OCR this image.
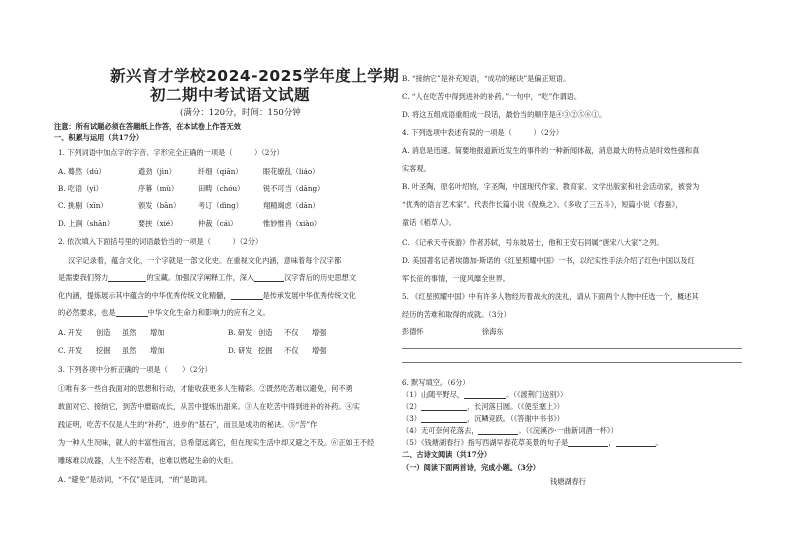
新兴育才学校2024-2025学年度上学期
初二期中考试语文试题
(满分：120分，时间：150分钟
注意：所有试题必须在答题纸上作答，在本试卷上作答无效
一、积累与运用（共17分）
1. 下列词语中加点字的字音、字形完全正确的一项是（　　　）（2分）
A. 蓦然（dú）	遒劲（jìn）	纤细（qiān）	眼花缭乱（liáo）
B. 吃语（yì）	序幕（mù）	田畴（chóu）	锐不可当（dāng）
C. 挑剔（xīn）	颁发（bān） 考订（dìng）	翔精竭虑（dān）
D. 上涧（shān）	要挟（xié）	仲裁（cái）	惟妙惟肖（xiào）
2. 依次填入下面括号里的词语最恰当的一项是（　　　）（2分）
汉字记录着，蕴含文化，一个字就是一部文化史。在重视文化内涵，意味着每个汉字都
是需要我们努力	的宝藏。加强汉字阐释工作，深入	汉字背后的历史思想文
化内涵，提炼展示其中蕴含的中华优秀传统文化精髓，	是传承发展中华优秀传统文化
的必然要求，也是	中华文化生命力和影响力的应有之义。
A. 开发 创造 虽然 增加	B. 研发 创造 不仅 增强
C. 开发 挖掘 虽然 增加	D. 研发 挖掘 不仅 增强
3. 下列各项中分析正确的一项是（　　）（2分）
①唯有多一些自我面对的思想和行动，才能收获更多人生精彩。②既然吃苦难以避免，何不勇
敢面对它、接纳它，到苦中磨砺成长，从苦中提炼出甜来。③人在吃苦中得到进补的补药。④实
践证明，吃苦不仅是人生的“补药”，进步的“基石”，而且是成功的秘诀。⑤“苦”作
为一种人生况味，就人的丰富性而言，总希望远离它，但在现实生活中却又避之不及。⑥正如王不经
雕琢难以成器，人生不经苦难，也难以燃起生命的火炬。
A. “避免”是动词，“不仅”是连词，“的”是助词。
B. “接纳它”是补充短语，“成功的秘诀”是偏正短语。
C. “人在吃苦中得到进补的补药。”一句中，“吃”作谓语。
D. 将这五组成语重组成一段话，最恰当的顺序是④③②⑤⑥①。
4. 下列选项中表述有误的一项是（　　　）（2分）
A. 消息是迅速、简要地报道新近发生的事件的一种新闻体裁，消息最大的特点是时效性强和真
实客观。
B. 叶圣陶，原名叶绍钧，字圣陶，中国现代作家、教育家、文学出版家和社会活动家，被誉为
“优秀的语言艺术家”。代表作长篇小说《倪焕之》、《多收了三五斗》，短篇小说《春蚕》，
童话《稻草人》。
C. 《记承天寺夜游》作者苏轼，号东坡居士，他和王安石同属“唐宋八大家”之列。
D. 美国著名记者埃德加·斯诺的《红星照耀中国》一书，以纪实性手法介绍了红色中国以及红
军长征的事情，一度风靡全世界。
5. 《红星照耀中国》中有许多人物经历着战火的洗礼，请从下面两个人物中任选一个，概述其
经历的苦难和取得的成就。（3分）
彭德怀	徐海东
6. 默写填空。（6分）
（1）山随平野尽，	。（《渡荆门送别》）
（2）	，长河落日圆。（《使至塞上》）
（3）	，沉鳞竞跃。（《答谢中书书》）
（4）无可奈何花落去，	。（《浣溪沙·一曲新词酒一杯》）
（5）《钱塘湖春行》指写西湖早春花草美景的句子是	，	。
二、古诗文阅读（共17分）
（一）阅读下面两首诗，完成小题。（3分）
钱塘湖春行
